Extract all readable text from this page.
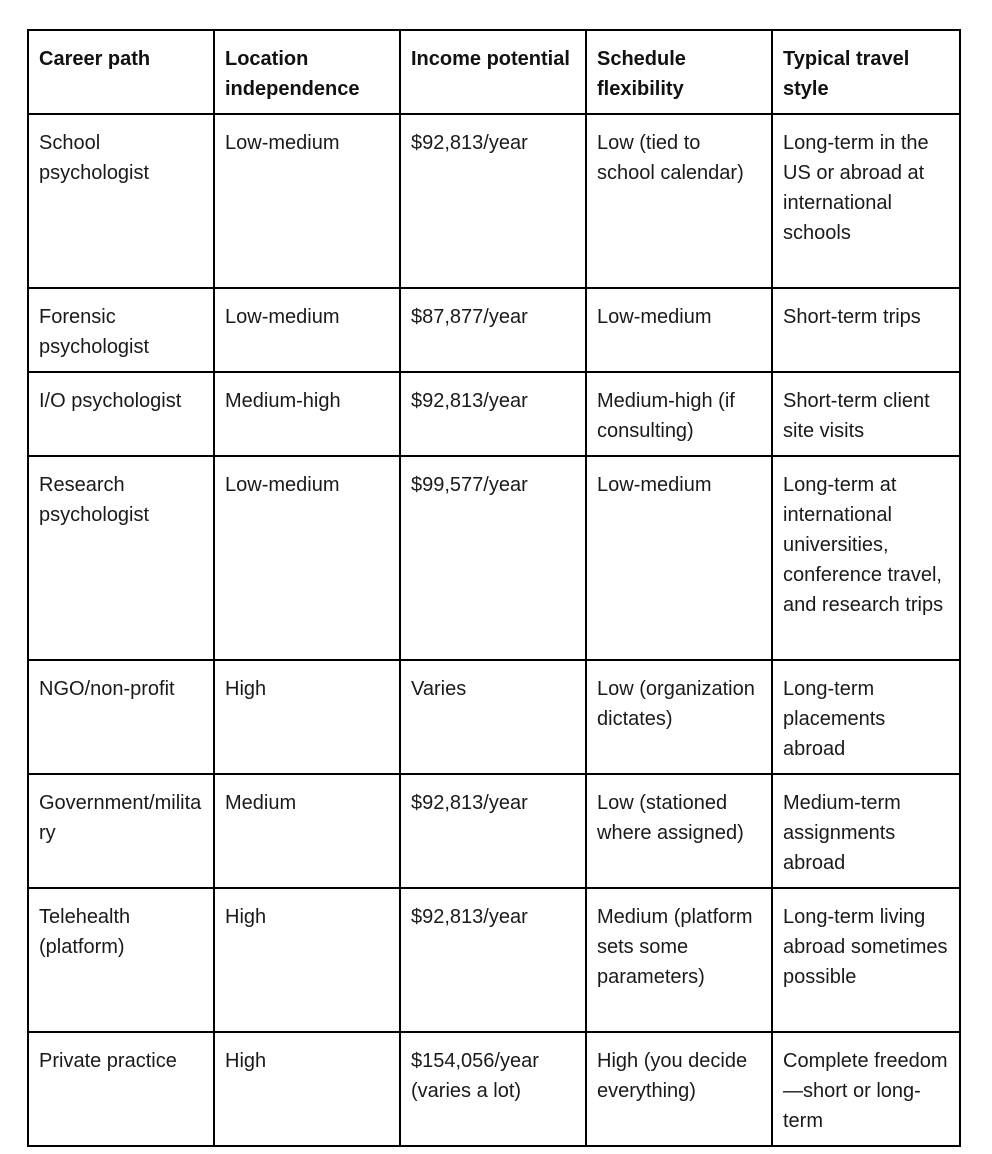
Career path	Location independence	Income potential	Schedule flexibility	Typical travel style
School psychologist	Low-medium	$92,813/year	Low (tied to school calendar)	Long-term in the US or abroad at international schools
Forensic psychologist	Low-medium	$87,877/year	Low-medium	Short-term trips
I/O psychologist	Medium-high	$92,813/year	Medium-high (if consulting)	Short-term client site visits
Research psychologist	Low-medium	$99,577/year	Low-medium	Long-term at international universities, conference travel, and research trips
NGO/non-profit	High	Varies	Low (organization dictates)	Long-term placements abroad
Government/military	Medium	$92,813/year	Low (stationed where assigned)	Medium-term assignments abroad
Telehealth (platform)	High	$92,813/year	Medium (platform sets some parameters)	Long-term living abroad sometimes possible
Private practice	High	$154,056/year (varies a lot)	High (you decide everything)	Complete freedom—short or long-term
